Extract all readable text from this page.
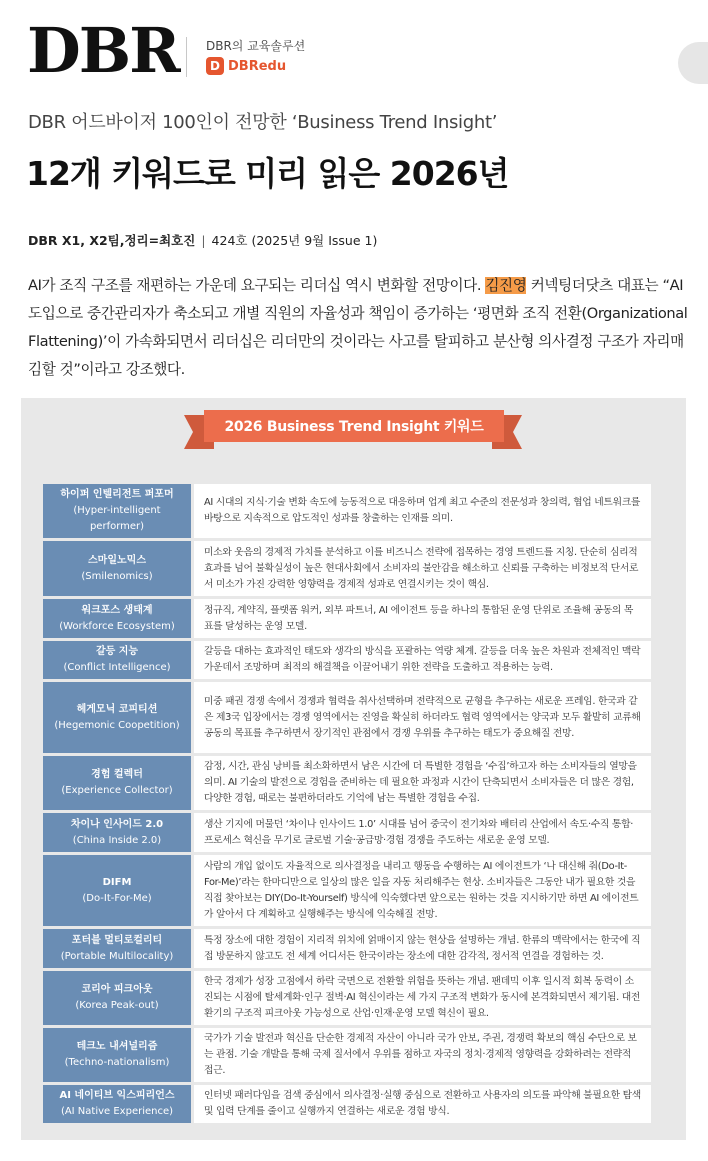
DBR DBR의 교육솔루션
D DBRedu
DBR 어드바이저 100인이 전망한 ‘Business Trend Insight’
12개 키워드로 미리 읽은 2026년
DBR X1, X2팀,정리=최호진 | 424호 (2025년 9월 Issue 1)

AI가 조직 구조를 재편하는 가운데 요구되는 리더십 역시 변화할 전망이다. 김진영 커넥팅더닷츠 대표는 “AI 도입으로 중간관리자가 축소되고 개별 직원의 자율성과 책임이 증가하는 ‘평면화 조직 전환(Organizational Flattening)’이 가속화되면서 리더십은 리더만의 것이라는 사고를 탈피하고 분산형 의사결정 구조가 자리매김할 것”이라고 강조했다.

2026 Business Trend Insight 키워드
하이퍼 인텔리전트 퍼포머
(Hyper-intelligent performer)
AI 시대의 지식·기술 변화 속도에 능동적으로 대응하며 업계 최고 수준의 전문성과 창의력, 협업 네트워크를 바탕으로 지속적으로 압도적인 성과를 창출하는 인재를 의미.
스마일노믹스
(Smilenomics)
미소와 웃음의 경제적 가치를 분석하고 이를 비즈니스 전략에 접목하는 경영 트렌드를 지칭. 단순히 심리적 효과를 넘어 불확실성이 높은 현대사회에서 소비자의 불안감을 해소하고 신뢰를 구축하는 비정보적 단서로서 미소가 가진 강력한 영향력을 경제적 성과로 연결시키는 것이 핵심.
워크포스 생태계
(Workforce Ecosystem)
정규직, 계약직, 플랫폼 워커, 외부 파트너, AI 에이전트 등을 하나의 통합된 운영 단위로 조율해 공동의 목표를 달성하는 운영 모델.
갈등 지능
(Conflict Intelligence)
갈등을 대하는 효과적인 태도와 생각의 방식을 포괄하는 역량 체계. 갈등을 더욱 높은 차원과 전체적인 맥락 가운데서 조망하며 최적의 해결책을 이끌어내기 위한 전략을 도출하고 적용하는 능력.
헤게모닉 코피티션
(Hegemonic Coopetition)
미중 패권 경쟁 속에서 경쟁과 협력을 취사선택하며 전략적으로 균형을 추구하는 새로운 프레임. 한국과 같은 제3국 입장에서는 경쟁 영역에서는 진영을 확실히 하더라도 협력 영역에서는 양국과 모두 활발히 교류해 공동의 목표를 추구하면서 장기적인 관점에서 경쟁 우위를 추구하는 태도가 중요해질 전망.
경험 컬렉터
(Experience Collector)
감정, 시간, 관심 낭비를 최소화하면서 남은 시간에 더 특별한 경험을 ‘수집’하고자 하는 소비자들의 열망을 의미. AI 기술의 발전으로 경험을 준비하는 데 필요한 과정과 시간이 단축되면서 소비자들은 더 많은 경험, 다양한 경험, 때로는 불편하더라도 기억에 남는 특별한 경험을 수집.
차이나 인사이드 2.0
(China Inside 2.0)
생산 기지에 머물던 ‘차이나 인사이드 1.0’ 시대를 넘어 중국이 전기차와 배터리 산업에서 속도·수직 통합·프로세스 혁신을 무기로 글로벌 기술·공급망·경험 경쟁을 주도하는 새로운 운영 모델.
DIFM
(Do-It-For-Me)
사람의 개입 없이도 자율적으로 의사결정을 내리고 행동을 수행하는 AI 에이전트가 ‘나 대신해 줘(Do-It-For-Me)’라는 한마디만으로 일상의 많은 일을 자동 처리해주는 현상. 소비자들은 그동안 내가 필요한 것을 직접 찾아보는 DIY(Do-It-Yourself) 방식에 익숙했다면 앞으로는 원하는 것을 지시하기만 하면 AI 에이전트가 알아서 다 계획하고 실행해주는 방식에 익숙해질 전망.
포터블 멀티로컬리티
(Portable Multilocality)
특정 장소에 대한 경험이 지리적 위치에 얽매이지 않는 현상을 설명하는 개념. 한류의 맥락에서는 한국에 직접 방문하지 않고도 전 세계 어디서든 한국이라는 장소에 대한 감각적, 정서적 연결을 경험하는 것.
코리아 피크아웃
(Korea Peak-out)
한국 경제가 성장 고점에서 하락 국면으로 전환할 위험을 뜻하는 개념. 팬데믹 이후 일시적 회복 동력이 소진되는 시점에 탈세계화·인구 절벽·AI 혁신이라는 세 가지 구조적 변화가 동시에 본격화되면서 제기됨. 대전환기의 구조적 피크아웃 가능성으로 산업·인재·운영 모델 혁신이 필요.
테크노 내셔널리즘
(Techno-nationalism)
국가가 기술 발전과 혁신을 단순한 경제적 자산이 아니라 국가 안보, 주권, 경쟁력 확보의 핵심 수단으로 보는 관점. 기술 개발을 통해 국제 질서에서 우위를 점하고 자국의 정치·경제적 영향력을 강화하려는 전략적 접근.
AI 네이티브 익스피리언스
(AI Native Experience)
인터넷 패러다임을 검색 중심에서 의사결정·실행 중심으로 전환하고 사용자의 의도를 파악해 불필요한 탐색 및 입력 단계를 줄이고 실행까지 연결하는 새로운 경험 방식.
